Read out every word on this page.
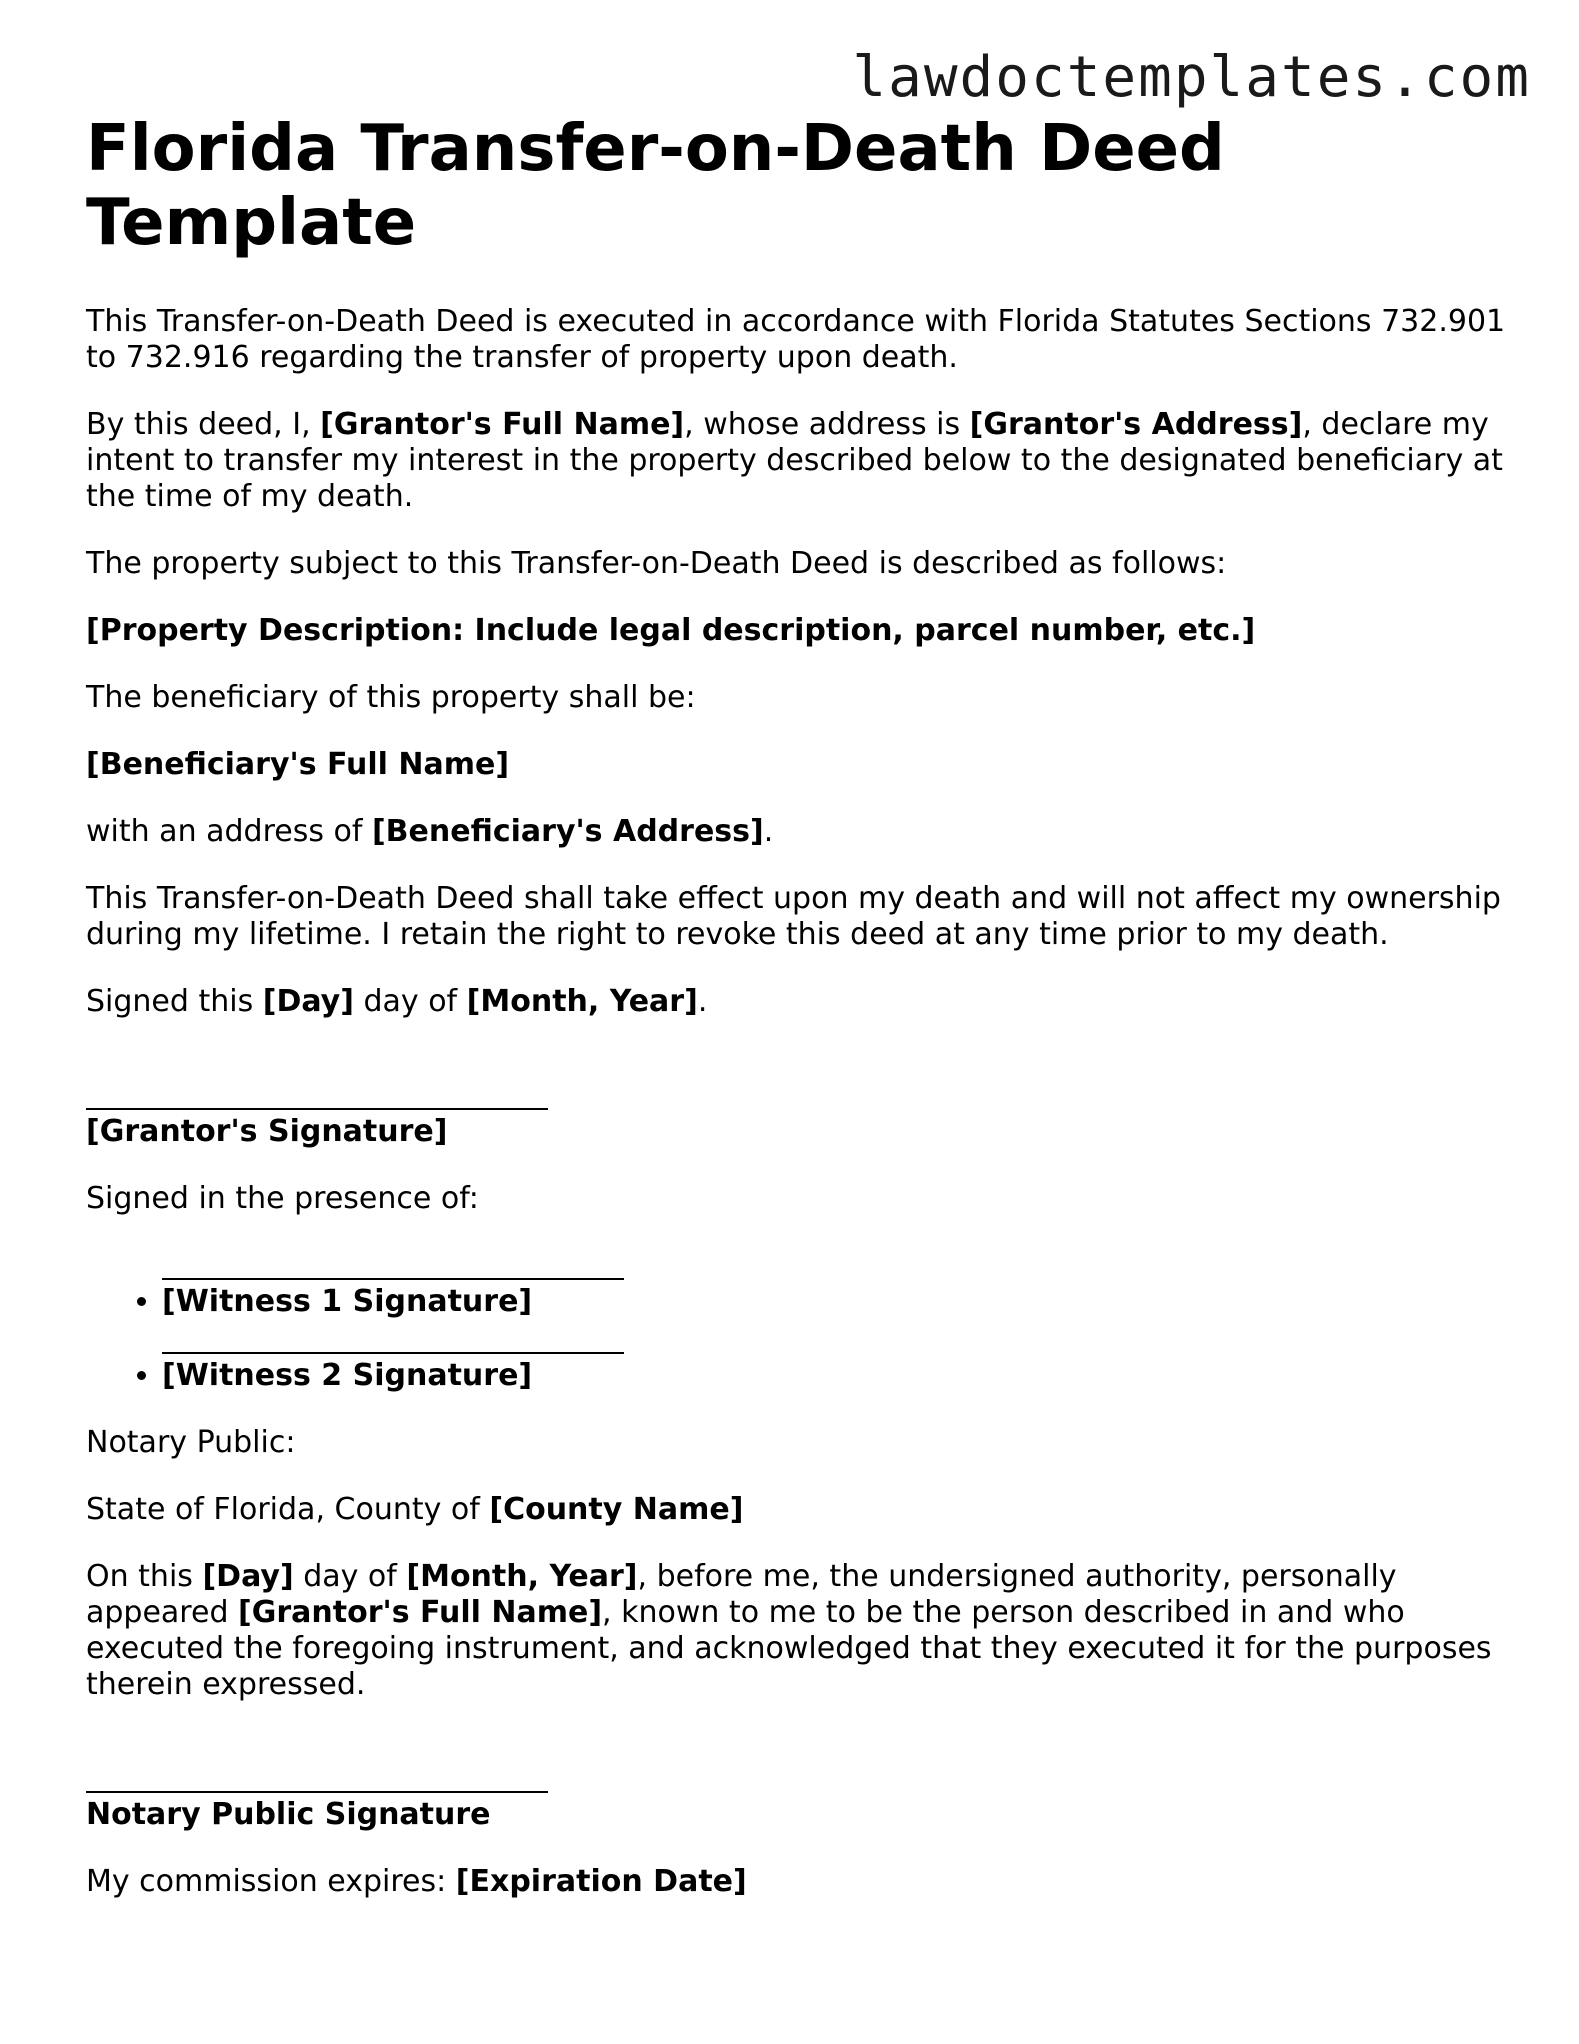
lawdoctemplates.com
Florida Transfer-on-Death Deed Template

This Transfer-on-Death Deed is executed in accordance with Florida Statutes Sections 732.901 to 732.916 regarding the transfer of property upon death.

By this deed, I, [Grantor's Full Name], whose address is [Grantor's Address], declare my intent to transfer my interest in the property described below to the designated beneficiary at the time of my death.

The property subject to this Transfer-on-Death Deed is described as follows:

[Property Description: Include legal description, parcel number, etc.]

The beneficiary of this property shall be:

[Beneficiary's Full Name]

with an address of [Beneficiary's Address].

This Transfer-on-Death Deed shall take effect upon my death and will not affect my ownership during my lifetime. I retain the right to revoke this deed at any time prior to my death.

Signed this [Day] day of [Month, Year].

[Grantor's Signature]

Signed in the presence of:

• [Witness 1 Signature]
• [Witness 2 Signature]

Notary Public:

State of Florida, County of [County Name]

On this [Day] day of [Month, Year], before me, the undersigned authority, personally appeared [Grantor's Full Name], known to me to be the person described in and who executed the foregoing instrument, and acknowledged that they executed it for the purposes therein expressed.

Notary Public Signature

My commission expires: [Expiration Date]
